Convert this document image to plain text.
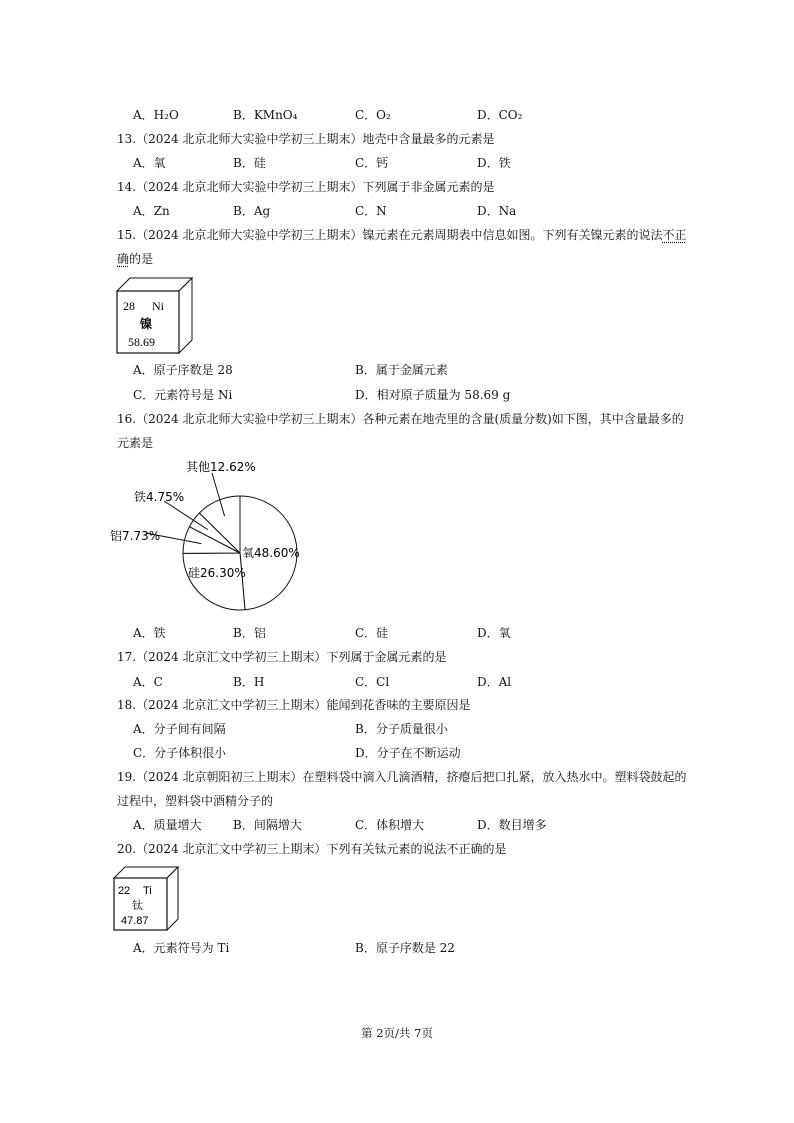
A．H₂O	B．KMnO₄	C．O₂	D．CO₂
13.（2024 北京北师大实验中学初三上期末）地壳中含量最多的元素是
A．氧	B．硅	C．钙	D．铁
14.（2024 北京北师大实验中学初三上期末）下列属于非金属元素的是
A．Zn	B．Ag	C．N	D．Na
15.（2024 北京北师大实验中学初三上期末）镍元素在元素周期表中信息如图。下列有关镍元素的说法不正
确的是
28 Ni
镍
58.69
A．原子序数是 28	B．属于金属元素
C．元素符号是 Ni	D．相对原子质量为 58.69 g
16.（2024 北京北师大实验中学初三上期末）各种元素在地壳里的含量(质量分数)如下图，其中含量最多的
元素是
氧48.60%
硅26.30%
铝7.73%
铁4.75%
其他12.62%
A．铁	B．铝	C．硅	D．氧
17.（2024 北京汇文中学初三上期末）下列属于金属元素的是
A．C	B．H	C．Cl	D．Al
18.（2024 北京汇文中学初三上期末）能闻到花香味的主要原因是
A．分子间有间隔	B．分子质量很小
C．分子体积很小	D．分子在不断运动
19.（2024 北京朝阳初三上期末）在塑料袋中滴入几滴酒精，挤瘪后把口扎紧，放入热水中。塑料袋鼓起的
过程中，塑料袋中酒精分子的
A．质量增大	B．间隔增大	C．体积增大	D．数目增多
20.（2024 北京汇文中学初三上期末）下列有关钛元素的说法不正确的是
22 Ti
钛
47.87
A．元素符号为 Ti	B．原子序数是 22
第 2页/共 7页
